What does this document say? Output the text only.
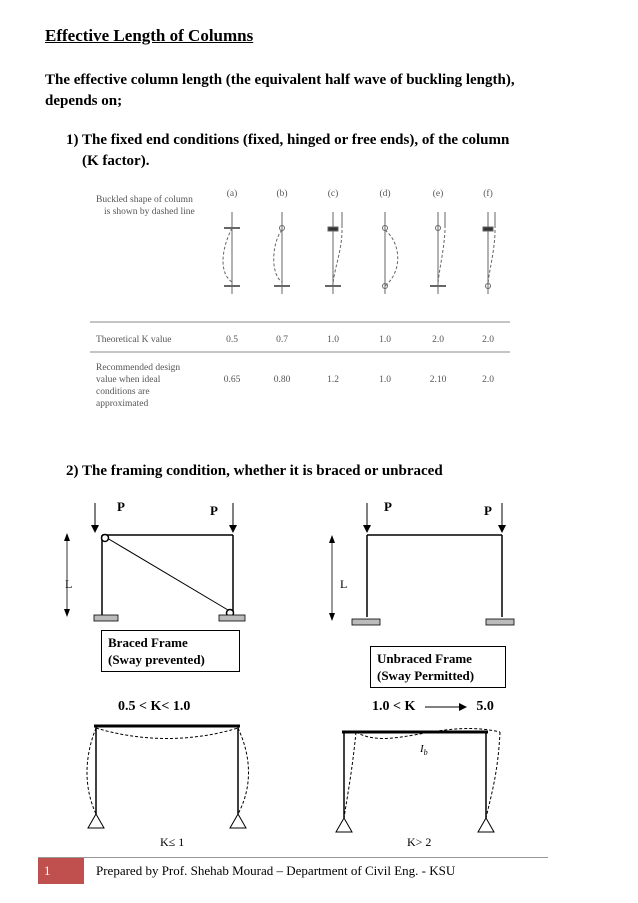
Effective Length of Columns
The effective column length (the equivalent half wave of buckling length), depends on;
1) The fixed end conditions (fixed, hinged or free ends), of the column
(K factor).
Buckled shape of column
is shown by dashed line
(a)	(b)	(c)	(d)	(e)	(f)
Theoretical K value	0.5	0.7	1.0	1.0	2.0	2.0
Recommended design
value when ideal
conditions are
approximated
0.65	0.80	1.2	1.0	2.10	2.0
2) The framing condition, whether it is braced or unbraced
P	P
L
Braced Frame
(Sway prevented)
P	P
L
Unbraced Frame
(Sway Permitted)
0.5 < K< 1.0	1.0 < K	5.0
K≤ 1
$I_b$
K> 2
1	Prepared by Prof. Shehab Mourad – Department of Civil Eng. - KSU
